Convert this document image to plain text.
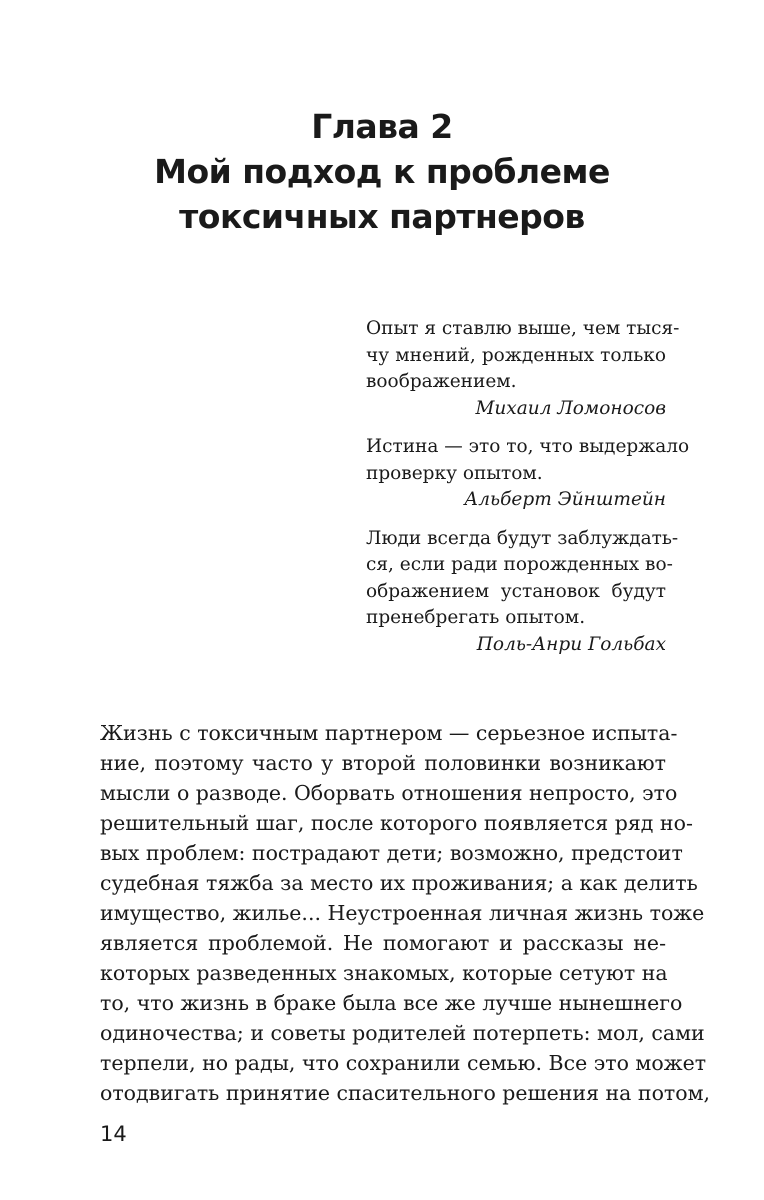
Глава 2
Мой подход к проблеме
токсичных партнеров
Опыт я ставлю выше, чем тыся-
чу мнений, рожденных только
воображением.
Михаил Ломоносов
Истина — это то, что выдержало
проверку опытом.
Альберт Эйнштейн
Люди всегда будут заблуждать-
ся, если ради порожденных во-
ображением установок будут
пренебрегать опытом.
Поль-Анри Гольбах
Жизнь с токсичным партнером — серьезное испыта-
ние, поэтому часто у второй половинки возникают
мысли о разводе. Оборвать отношения непросто, это
решительный шаг, после которого появляется ряд но-
вых проблем: пострадают дети; возможно, предстоит
судебная тяжба за место их проживания; а как делить
имущество, жилье... Неустроенная личная жизнь тоже
является проблемой. Не помогают и рассказы не-
которых разведенных знакомых, которые сетуют на
то, что жизнь в браке была все же лучше нынешнего
одиночества; и советы родителей потерпеть: мол, сами
терпели, но рады, что сохранили семью. Все это может
отодвигать принятие спасительного решения на потом,
14
